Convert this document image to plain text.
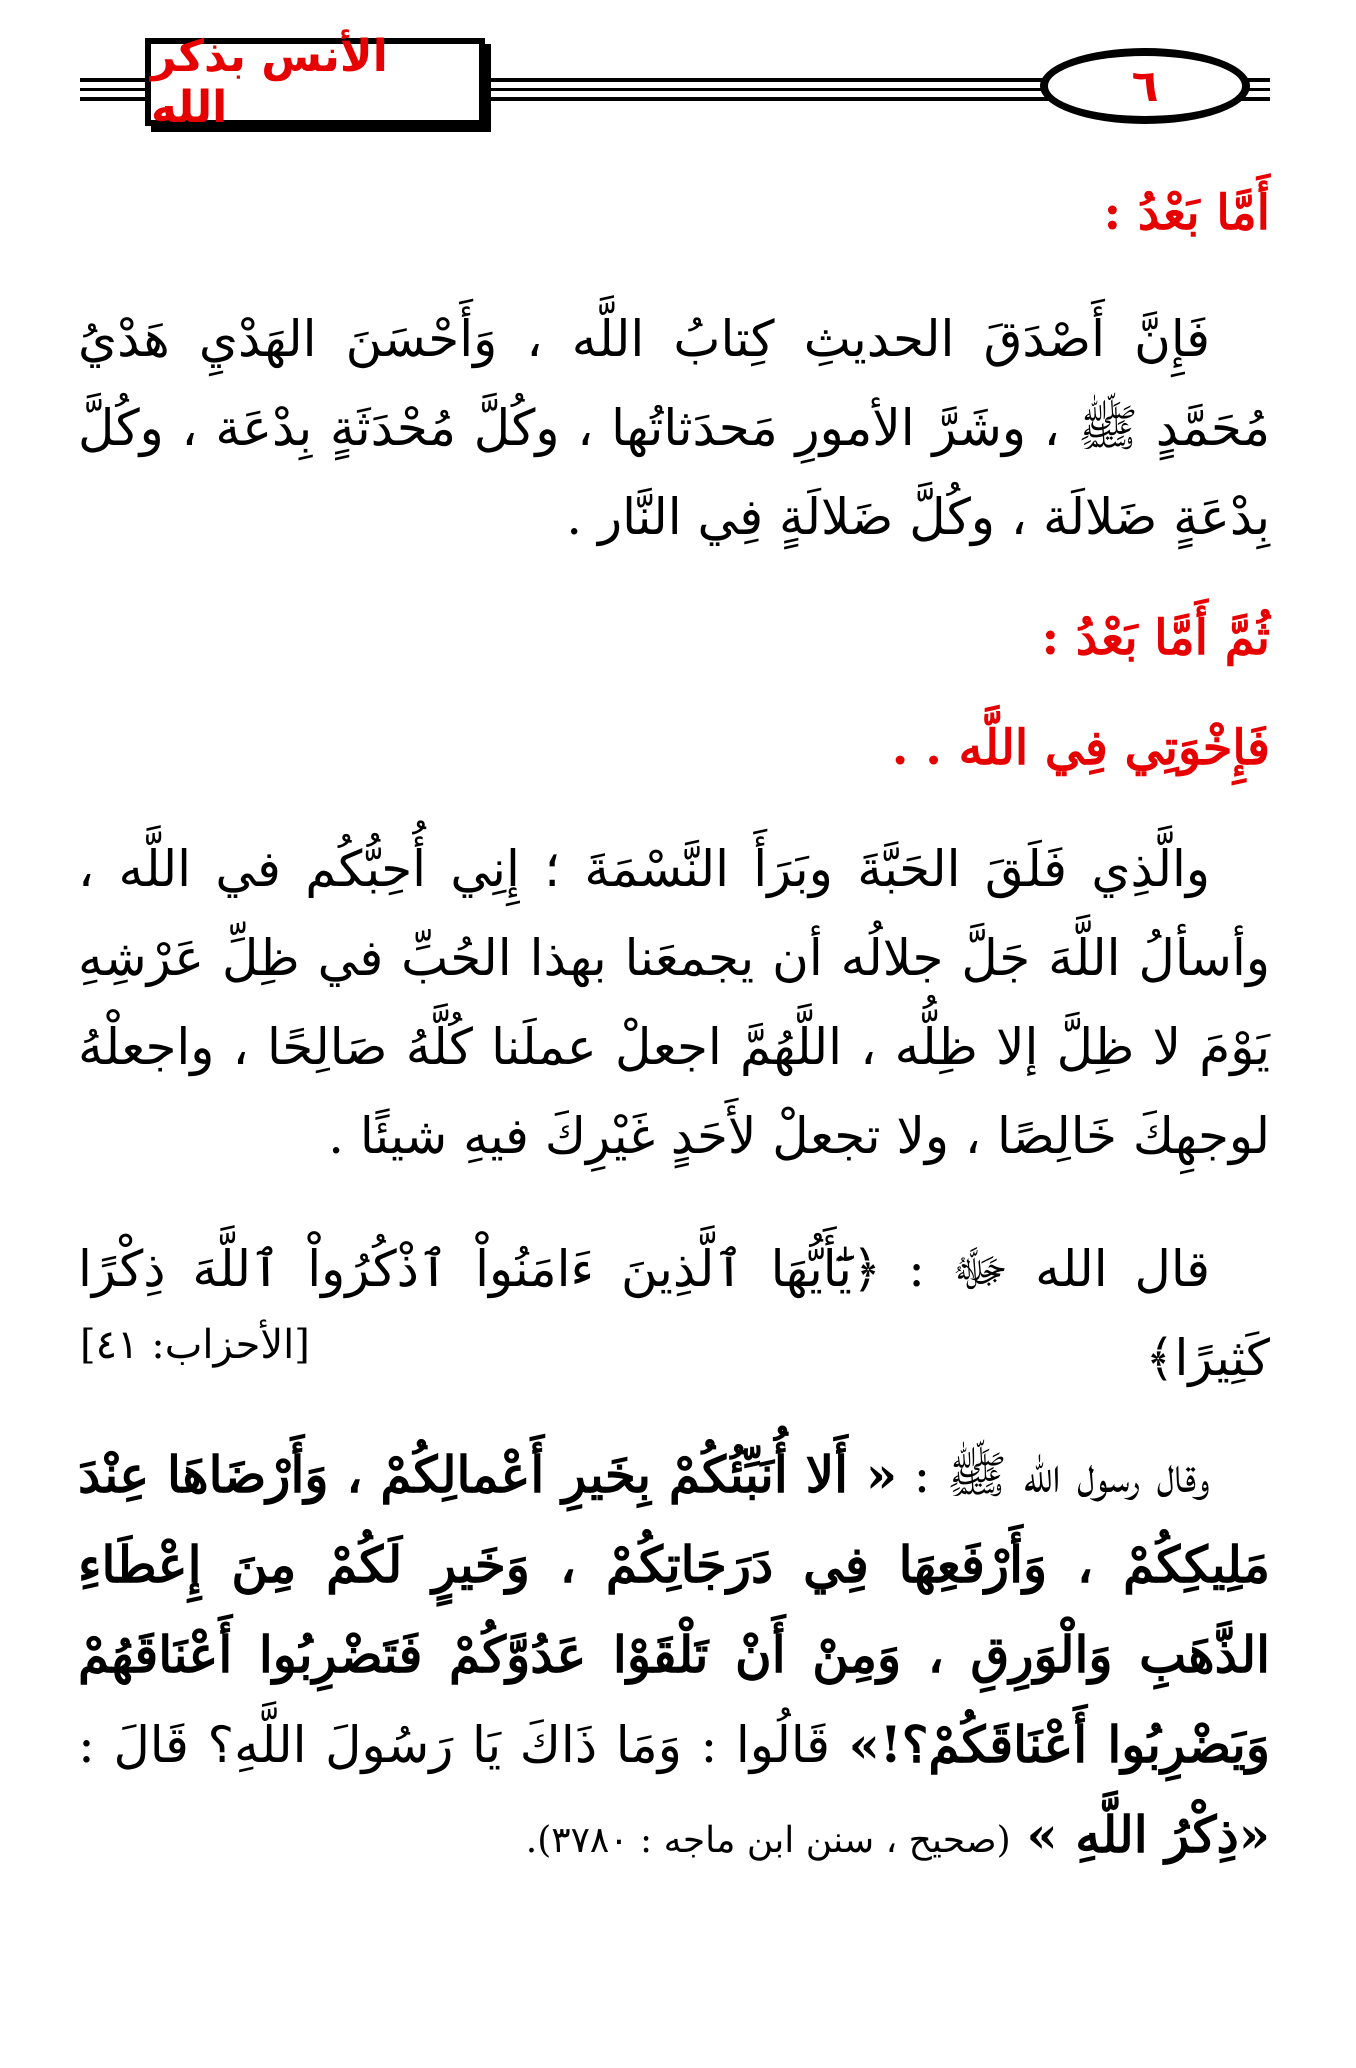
الأنس بذكر الله	٦
أَمَّا بَعْدُ :
فَإِنَّ أَصْدَقَ الحديثِ كِتابُ اللَّه ، وَأَحْسَنَ الهَدْيِ هَدْيُ مُحَمَّدٍ ﷺ ، وشَرَّ الأمورِ مَحدَثاتُها ، وكُلَّ مُحْدَثَةٍ بِدْعَة ، وكُلَّ بِدْعَةٍ ضَلالَة ، وكُلَّ ضَلالَةٍ فِي النَّار .
ثُمَّ أَمَّا بَعْدُ :
فَإِخْوَتِي فِي اللَّه . .
والَّذِي فَلَقَ الحَبَّةَ وبَرَأَ النَّسْمَةَ ؛ إِنِي أُحِبُّكُم في اللَّه ، وأسألُ اللَّهَ جَلَّ جلالُه أن يجمعَنا بهذا الحُبِّ في ظِلِّ عَرْشِهِ يَوْمَ لا ظِلَّ إلا ظِلُّه ، اللَّهُمَّ اجعلْ عملَنا كُلَّهُ صَالِحًا ، واجعلْهُ لوجهِكَ خَالِصًا ، ولا تجعلْ لأَحَدٍ غَيْرِكَ فيهِ شيئًا .
قال الله ﷻ : ﴿يَٰٓأَيُّهَا ٱلَّذِينَ ءَامَنُواْ ٱذْكُرُواْ ٱللَّهَ ذِكْرًا كَثِيرًا﴾
[الأحزاب: ٤١]
وقال رسول الله ﷺ : « أَلا أُنَبِّئُكُمْ بِخَيرِ أَعْمالِكُمْ ، وَأَرْضَاهَا عِنْدَ مَلِيكِكُمْ ، وَأَرْفَعِهَا فِي دَرَجَاتِكُمْ ، وَخَيرٍ لَكُمْ مِنَ إِعْطَاءِ الذَّهَبِ وَالْوَرِقِ ، وَمِنْ أَنْ تَلْقَوْا عَدُوَّكُمْ فَتَضْرِبُوا أَعْنَاقَهُمْ وَيَضْرِبُوا أَعْنَاقَكُمْ؟!» قَالُوا : وَمَا ذَاكَ يَا رَسُولَ اللَّهِ؟ قَالَ : «ذِكْرُ اللَّهِ » (صحيح ، سنن ابن ماجه : ٣٧٨٠).
